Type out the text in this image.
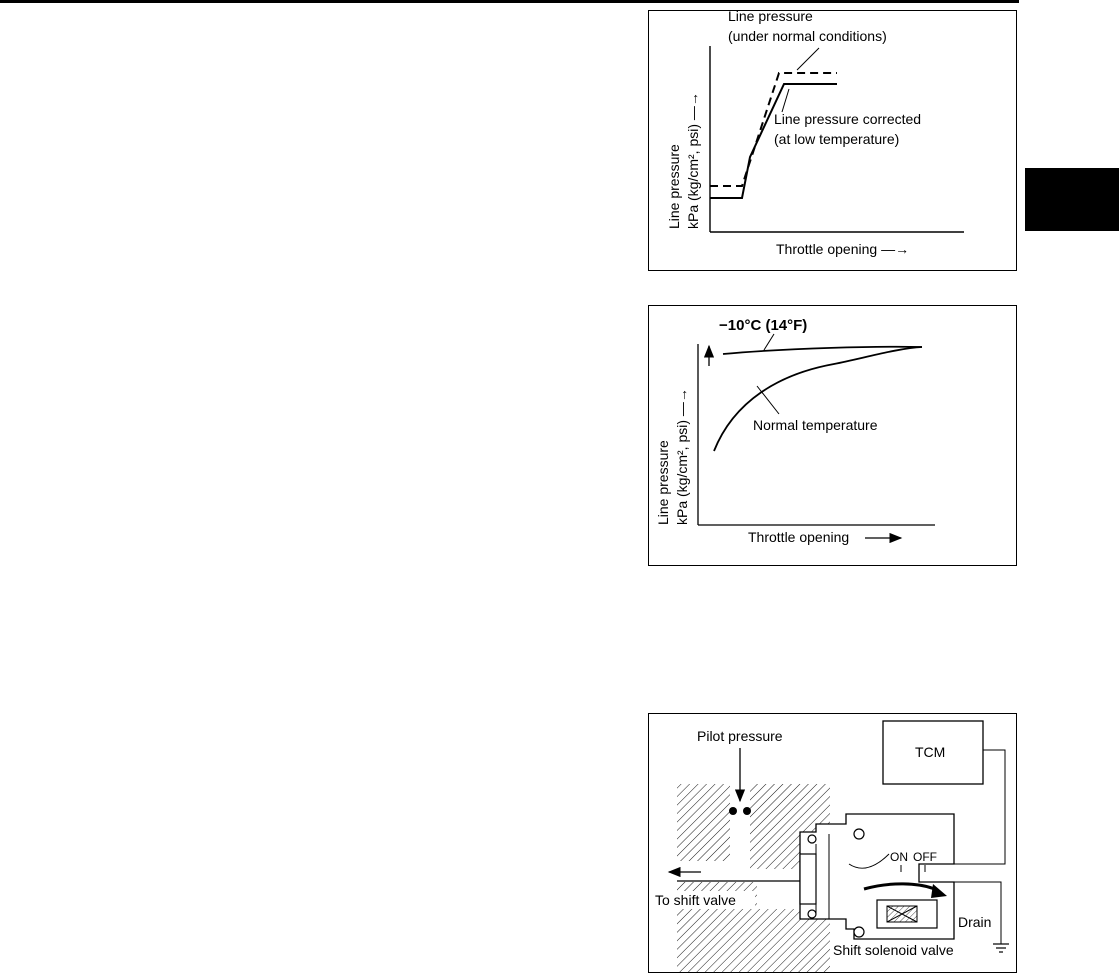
Line pressure
(under normal conditions)
Line pressure corrected
(at low temperature)
Line pressure kPa (kg/cm², psi) —→
Throttle opening —→
−10°C (14°F)
Normal temperature
Line pressure kPa (kg/cm², psi) —→
Throttle opening
Pilot pressure
To shift valve
TCM
ON OFF
Drain
Shift solenoid valve
